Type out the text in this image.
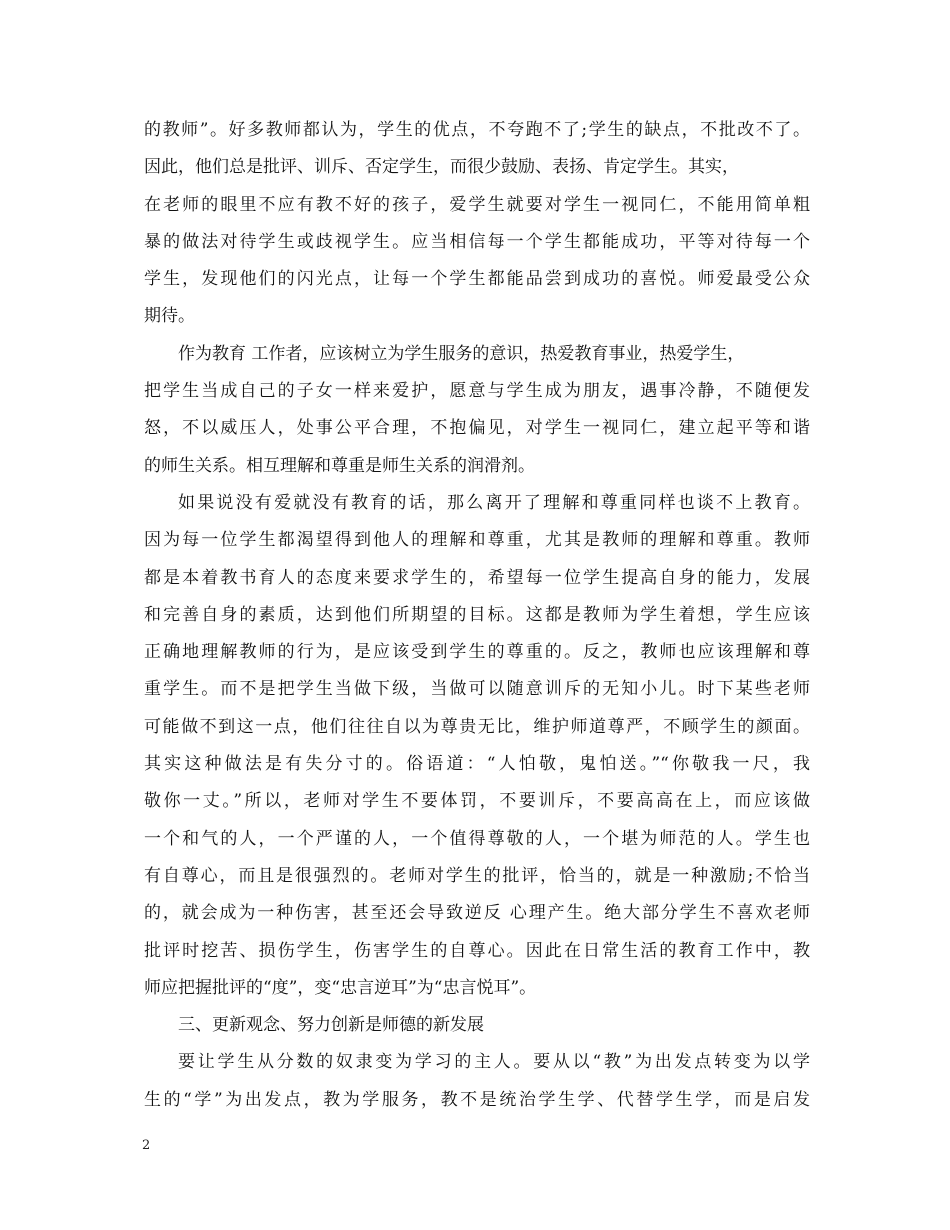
的教师”。好多教师都认为，学生的优点，不夸跑不了;学生的缺点，不批改不了。
因此，他们总是批评、训斥、否定学生，而很少鼓励、表扬、肯定学生。其实，
在老师的眼里不应有教不好的孩子，爱学生就要对学生一视同仁，不能用简单粗
暴的做法对待学生或歧视学生。应当相信每一个学生都能成功，平等对待每一个
学生，发现他们的闪光点，让每一个学生都能品尝到成功的喜悦。师爱最受公众
期待。
作为教育 工作者，应该树立为学生服务的意识，热爱教育事业，热爱学生，
把学生当成自己的子女一样来爱护，愿意与学生成为朋友，遇事冷静，不随便发
怒，不以威压人，处事公平合理，不抱偏见，对学生一视同仁，建立起平等和谐
的师生关系。相互理解和尊重是师生关系的润滑剂。
如果说没有爱就没有教育的话，那么离开了理解和尊重同样也谈不上教育。
因为每一位学生都渴望得到他人的理解和尊重，尤其是教师的理解和尊重。教师
都是本着教书育人的态度来要求学生的，希望每一位学生提高自身的能力，发展
和完善自身的素质，达到他们所期望的目标。这都是教师为学生着想，学生应该
正确地理解教师的行为，是应该受到学生的尊重的。反之，教师也应该理解和尊
重学生。而不是把学生当做下级，当做可以随意训斥的无知小儿。时下某些老师
可能做不到这一点，他们往往自以为尊贵无比，维护师道尊严，不顾学生的颜面。
其实这种做法是有失分寸的。俗语道：“人怕敬，鬼怕送。”“你敬我一尺，我
敬你一丈。”所以，老师对学生不要体罚，不要训斥，不要高高在上，而应该做
一个和气的人，一个严谨的人，一个值得尊敬的人，一个堪为师范的人。学生也
有自尊心，而且是很强烈的。老师对学生的批评，恰当的，就是一种激励;不恰当
的，就会成为一种伤害，甚至还会导致逆反 心理产生。绝大部分学生不喜欢老师
批评时挖苦、损伤学生，伤害学生的自尊心。因此在日常生活的教育工作中，教
师应把握批评的“度”，变“忠言逆耳”为“忠言悦耳”。
三、更新观念、努力创新是师德的新发展
要让学生从分数的奴隶变为学习的主人。要从以“教”为出发点转变为以学
生的“学”为出发点，教为学服务，教不是统治学生学、代替学生学，而是启发
2
